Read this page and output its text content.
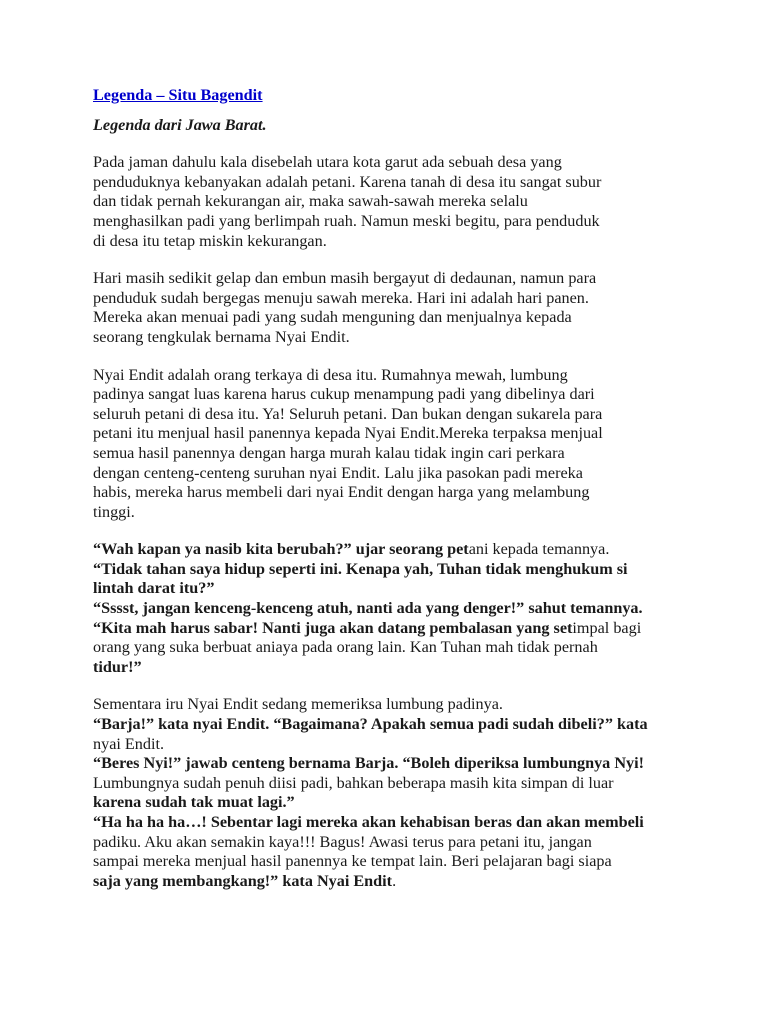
Legenda – Situ Bagendit
Legenda dari Jawa Barat.
Pada jaman dahulu kala disebelah utara kota garut ada sebuah desa yang
penduduknya kebanyakan adalah petani. Karena tanah di desa itu sangat subur
dan tidak pernah kekurangan air, maka sawah-sawah mereka selalu
menghasilkan padi yang berlimpah ruah. Namun meski begitu, para penduduk
di desa itu tetap miskin kekurangan.
Hari masih sedikit gelap dan embun masih bergayut di dedaunan, namun para
penduduk sudah bergegas menuju sawah mereka. Hari ini adalah hari panen.
Mereka akan menuai padi yang sudah menguning dan menjualnya kepada
seorang tengkulak bernama Nyai Endit.
Nyai Endit adalah orang terkaya di desa itu. Rumahnya mewah, lumbung
padinya sangat luas karena harus cukup menampung padi yang dibelinya dari
seluruh petani di desa itu. Ya! Seluruh petani. Dan bukan dengan sukarela para
petani itu menjual hasil panennya kepada Nyai Endit.Mereka terpaksa menjual
semua hasil panennya dengan harga murah kalau tidak ingin cari perkara
dengan centeng-centeng suruhan nyai Endit. Lalu jika pasokan padi mereka
habis, mereka harus membeli dari nyai Endit dengan harga yang melambung
tinggi.
“Wah kapan ya nasib kita berubah?” ujar seorang petani kepada temannya.
“Tidak tahan saya hidup seperti ini. Kenapa yah, Tuhan tidak menghukum si
lintah darat itu?”
“Sssst, jangan kenceng-kenceng atuh, nanti ada yang denger!” sahut temannya.
“Kita mah harus sabar! Nanti juga akan datang pembalasan yang setimpal bagi
orang yang suka berbuat aniaya pada orang lain. Kan Tuhan mah tidak pernah
tidur!”
Sementara iru Nyai Endit sedang memeriksa lumbung padinya.
“Barja!” kata nyai Endit. “Bagaimana? Apakah semua padi sudah dibeli?” kata
nyai Endit.
“Beres Nyi!” jawab centeng bernama Barja. “Boleh diperiksa lumbungnya Nyi!
Lumbungnya sudah penuh diisi padi, bahkan beberapa masih kita simpan di luar
karena sudah tak muat lagi.”
“Ha ha ha ha…! Sebentar lagi mereka akan kehabisan beras dan akan membeli
padiku. Aku akan semakin kaya!!! Bagus! Awasi terus para petani itu, jangan
sampai mereka menjual hasil panennya ke tempat lain. Beri pelajaran bagi siapa
saja yang membangkang!” kata Nyai Endit.
